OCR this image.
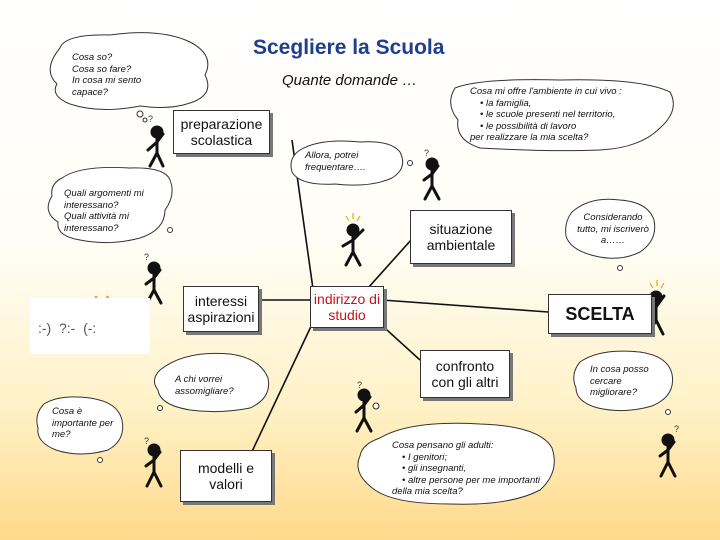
?
?
?
?
?
?
Scegliere la Scuola
Quante domande …
preparazione
scolastica
situazione
ambientale
interessi
aspirazioni
indirizzo di
studio
confronto
con gli altri
modelli e
valori
SCELTA
Cosa so?
Cosa so fare?
In cosa mi sento
capace?
Allora, potrei
frequentare….
Quali argomenti mi
interessano?
Quali attività mi
interessano?
Considerando
tutto, mi iscriverò
a……
A chi vorrei
assomigliare?
Cosa è
importante per
me?
In cosa posso
cercare
migliorare?
Cosa mi offre l'ambiente in cui vivo :
• la famiglia,
• le scuole presenti nel territorio,
• le possibilità di lavoro
per realizzare la mia scelta?
Cosa pensano gli adulti:
• I genitori;
• gli insegnanti,
• altre persone per me importanti
della mia scelta?
:-)  ?:-  (-:
